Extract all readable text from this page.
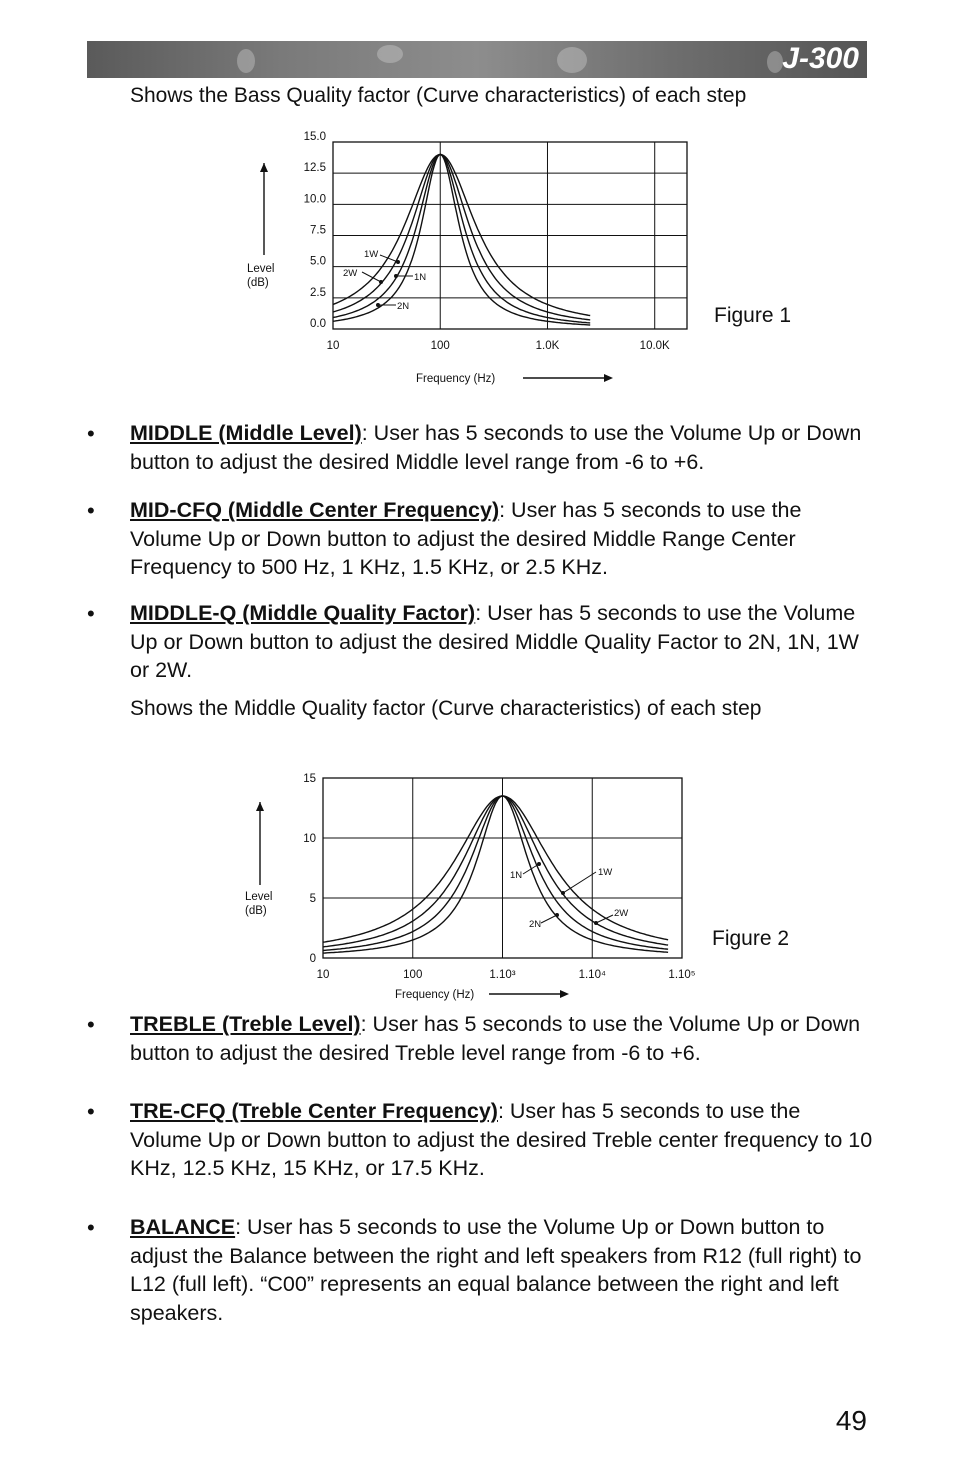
J-300
Shows the Bass Quality factor (Curve characteristics) of each step
15.0
12.5
10.0
7.5
5.0
2.5
0.0
10	100	1.0K	10.0K
Level
(dB)
Frequency (Hz)
1W
2W	1N
2N	Figure 1
• MIDDLE (Middle Level): User has 5 seconds to use the Volume Up or Down button to adjust the desired Middle level range from -6 to +6.
• MID-CFQ (Middle Center Frequency): User has 5 seconds to use the Volume Up or Down button to adjust the desired Middle Range Center Frequency to 500 Hz, 1 KHz, 1.5 KHz, or 2.5 KHz.
• MIDDLE-Q (Middle Quality Factor): User has 5 seconds to use the Volume Up or Down button to adjust the desired Middle Quality Factor to 2N, 1N, 1W or 2W.
Shows the Middle Quality factor (Curve characteristics) of each step
15
10
5
0
10	100	1.10³	1.10⁴	1.10⁵
Level
(dB)
Frequency (Hz)
1N	1W
2N
2W
Figure 2
• TREBLE (Treble Level): User has 5 seconds to use the Volume Up or Down button to adjust the desired Treble level range from -6 to +6.
• TRE-CFQ (Treble Center Frequency): User has 5 seconds to use the Volume Up or Down button to adjust the desired Treble center frequency to 10 KHz, 12.5 KHz, 15 KHz, or 17.5 KHz.
• BALANCE: User has 5 seconds to use the Volume Up or Down button to adjust the Balance between the right and left speakers from R12 (full right) to L12 (full left). “C00” represents an equal balance between the right and left speakers.
49
